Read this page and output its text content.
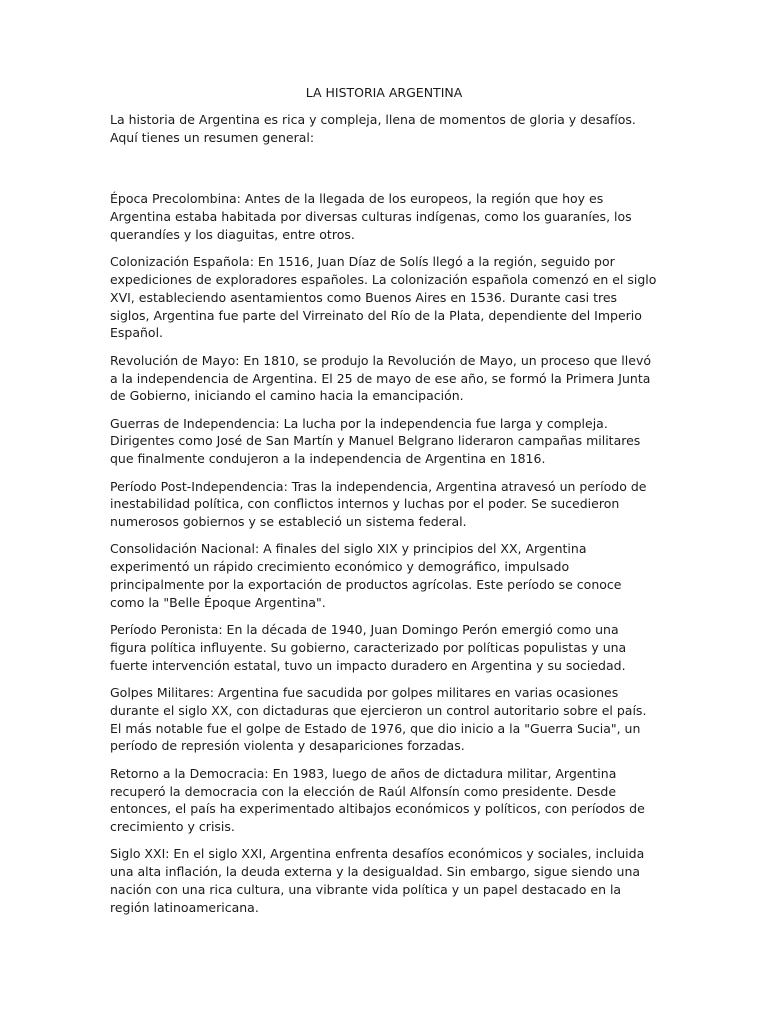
LA HISTORIA ARGENTINA

La historia de Argentina es rica y compleja, llena de momentos de gloria y desafíos. Aquí tienes un resumen general:

Época Precolombina: Antes de la llegada de los europeos, la región que hoy es Argentina estaba habitada por diversas culturas indígenas, como los guaraníes, los querandíes y los diaguitas, entre otros.

Colonización Española: En 1516, Juan Díaz de Solís llegó a la región, seguido por expediciones de exploradores españoles. La colonización española comenzó en el siglo XVI, estableciendo asentamientos como Buenos Aires en 1536. Durante casi tres siglos, Argentina fue parte del Virreinato del Río de la Plata, dependiente del Imperio Español.

Revolución de Mayo: En 1810, se produjo la Revolución de Mayo, un proceso que llevó a la independencia de Argentina. El 25 de mayo de ese año, se formó la Primera Junta de Gobierno, iniciando el camino hacia la emancipación.

Guerras de Independencia: La lucha por la independencia fue larga y compleja. Dirigentes como José de San Martín y Manuel Belgrano lideraron campañas militares que finalmente condujeron a la independencia de Argentina en 1816.

Período Post-Independencia: Tras la independencia, Argentina atravesó un período de inestabilidad política, con conflictos internos y luchas por el poder. Se sucedieron numerosos gobiernos y se estableció un sistema federal.

Consolidación Nacional: A finales del siglo XIX y principios del XX, Argentina experimentó un rápido crecimiento económico y demográfico, impulsado principalmente por la exportación de productos agrícolas. Este período se conoce como la "Belle Époque Argentina".

Período Peronista: En la década de 1940, Juan Domingo Perón emergió como una figura política influyente. Su gobierno, caracterizado por políticas populistas y una fuerte intervención estatal, tuvo un impacto duradero en Argentina y su sociedad.

Golpes Militares: Argentina fue sacudida por golpes militares en varias ocasiones durante el siglo XX, con dictaduras que ejercieron un control autoritario sobre el país. El más notable fue el golpe de Estado de 1976, que dio inicio a la "Guerra Sucia", un período de represión violenta y desapariciones forzadas.

Retorno a la Democracia: En 1983, luego de años de dictadura militar, Argentina recuperó la democracia con la elección de Raúl Alfonsín como presidente. Desde entonces, el país ha experimentado altibajos económicos y políticos, con períodos de crecimiento y crisis.

Siglo XXI: En el siglo XXI, Argentina enfrenta desafíos económicos y sociales, incluida una alta inflación, la deuda externa y la desigualdad. Sin embargo, sigue siendo una nación con una rica cultura, una vibrante vida política y un papel destacado en la región latinoamericana.
